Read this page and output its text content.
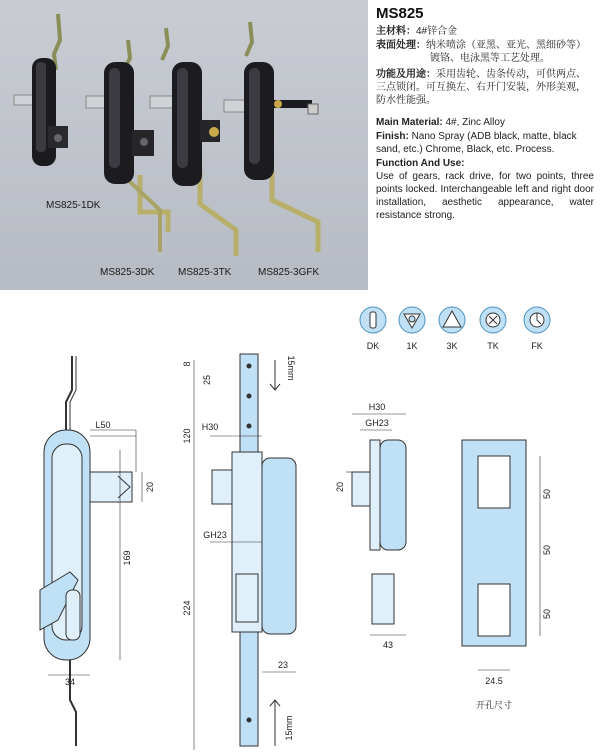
MS825-1DK
MS825-3DK MS825-3TK	MS825-3GFK
MS825
主材料：4#锌合金
表面处理：纳米喷涂（亚黑、亚光、黑细砂等）
镀铬、电泳黑等工艺处理。
功能及用途：采用齿轮、齿条传动，可供两点、
三点锁闭。可互换左、右开门安装，外形美观，
防水性能强。
Main Material: 4#, Zinc Alloy
Finish: Nano Spray (ADB black, matte, black sand, etc.) Chrome, Black, etc. Process.
Function And Use:
Use of gears, rack drive, for two points, three points locked. Interchangeable left and right door installation, aesthetic appearance, water resistance strong.
DK	1K	3K	TK	FK
L50
20
169
34
8
25	15mm
120
H30
GH23
224
23
15mm
H30
GH23
20
43
50
50
50
24.5
开孔尺寸
